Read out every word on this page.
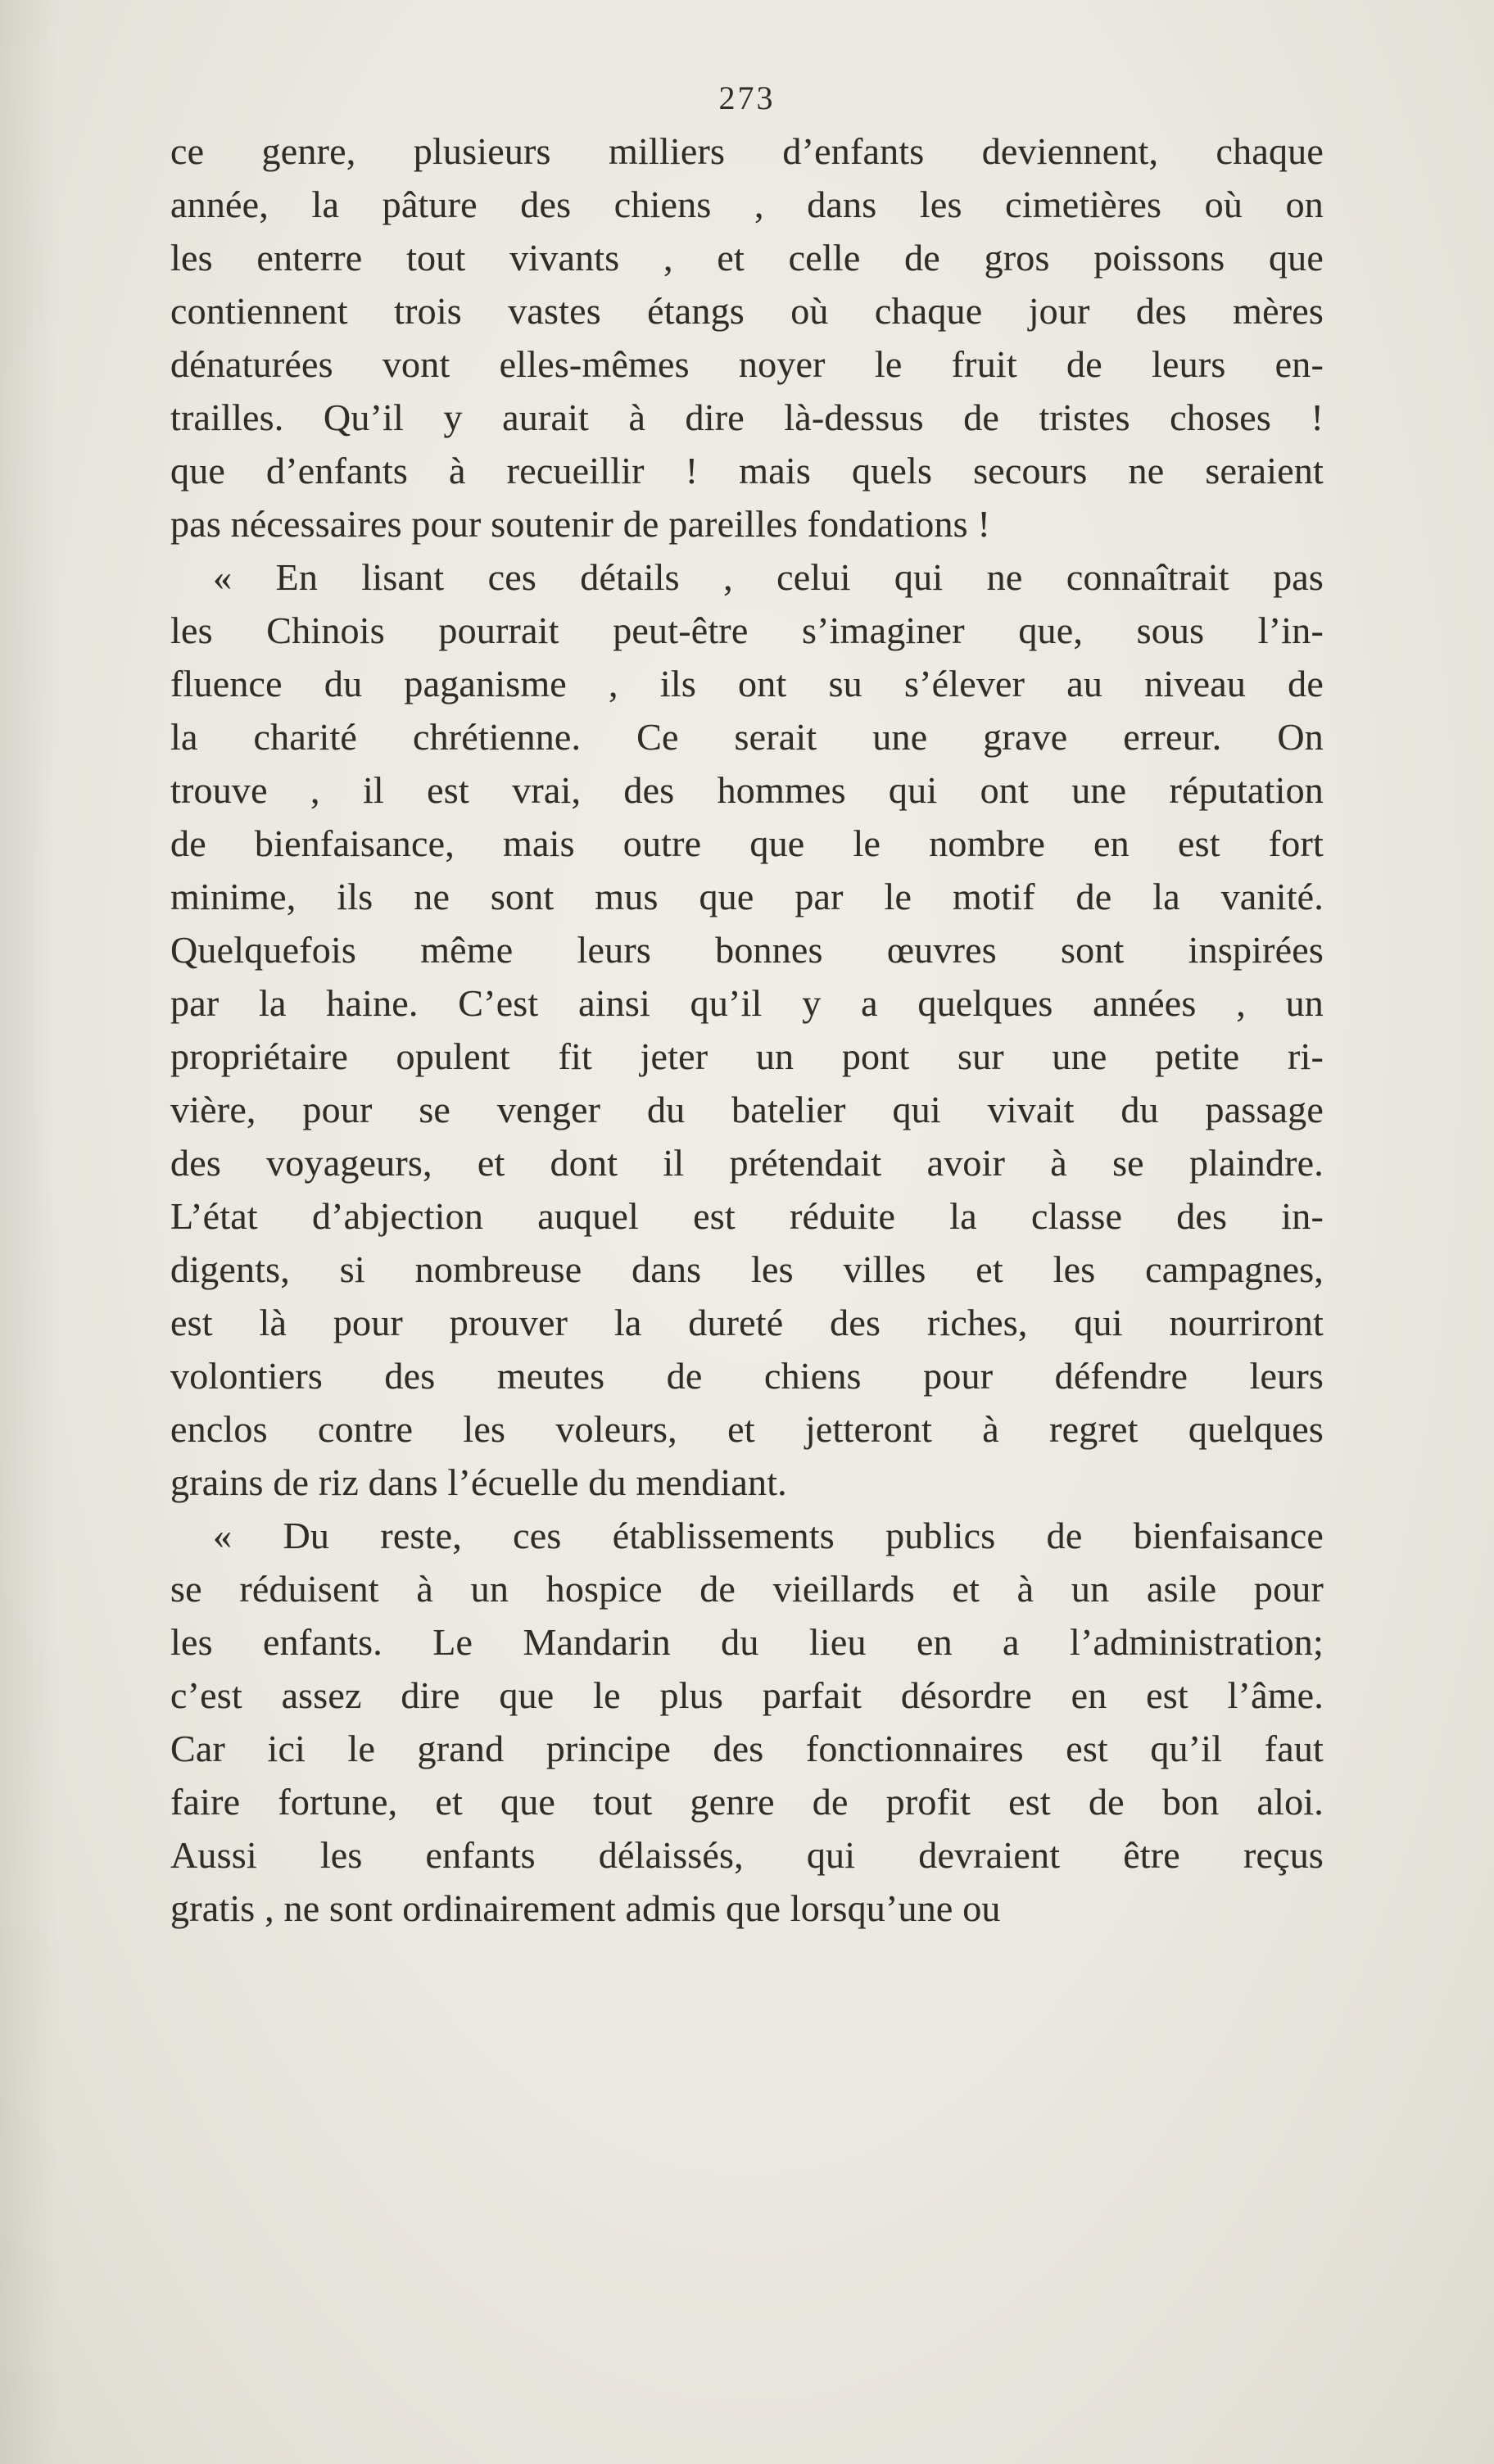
273
ce genre, plusieurs milliers d’enfants deviennent, chaque
année, la pâture des chiens , dans les cimetières où on
les enterre tout vivants , et celle de gros poissons que
contiennent trois vastes étangs où chaque jour des mères
dénaturées vont elles-mêmes noyer le fruit de leurs en-
trailles. Qu’il y aurait à dire là-dessus de tristes choses !
que d’enfants à recueillir ! mais quels secours ne seraient
pas nécessaires pour soutenir de pareilles fondations !
« En lisant ces détails , celui qui ne connaîtrait pas
les Chinois pourrait peut-être s’imaginer que, sous l’in-
fluence du paganisme , ils ont su s’élever au niveau de
la charité chrétienne. Ce serait une grave erreur. On
trouve , il est vrai, des hommes qui ont une réputation
de bienfaisance, mais outre que le nombre en est fort
minime, ils ne sont mus que par le motif de la vanité.
Quelquefois même leurs bonnes œuvres sont inspirées
par la haine. C’est ainsi qu’il y a quelques années , un
propriétaire opulent fit jeter un pont sur une petite ri-
vière, pour se venger du batelier qui vivait du passage
des voyageurs, et dont il prétendait avoir à se plaindre.
L’état d’abjection auquel est réduite la classe des in-
digents, si nombreuse dans les villes et les campagnes,
est là pour prouver la dureté des riches, qui nourriront
volontiers des meutes de chiens pour défendre leurs
enclos contre les voleurs, et jetteront à regret quelques
grains de riz dans l’écuelle du mendiant.
« Du reste, ces établissements publics de bienfaisance
se réduisent à un hospice de vieillards et à un asile pour
les enfants. Le Mandarin du lieu en a l’administration;
c’est assez dire que le plus parfait désordre en est l’âme.
Car ici le grand principe des fonctionnaires est qu’il faut
faire fortune, et que tout genre de profit est de bon aloi.
Aussi les enfants délaissés, qui devraient être reçus
gratis , ne sont ordinairement admis que lorsqu’une ou
